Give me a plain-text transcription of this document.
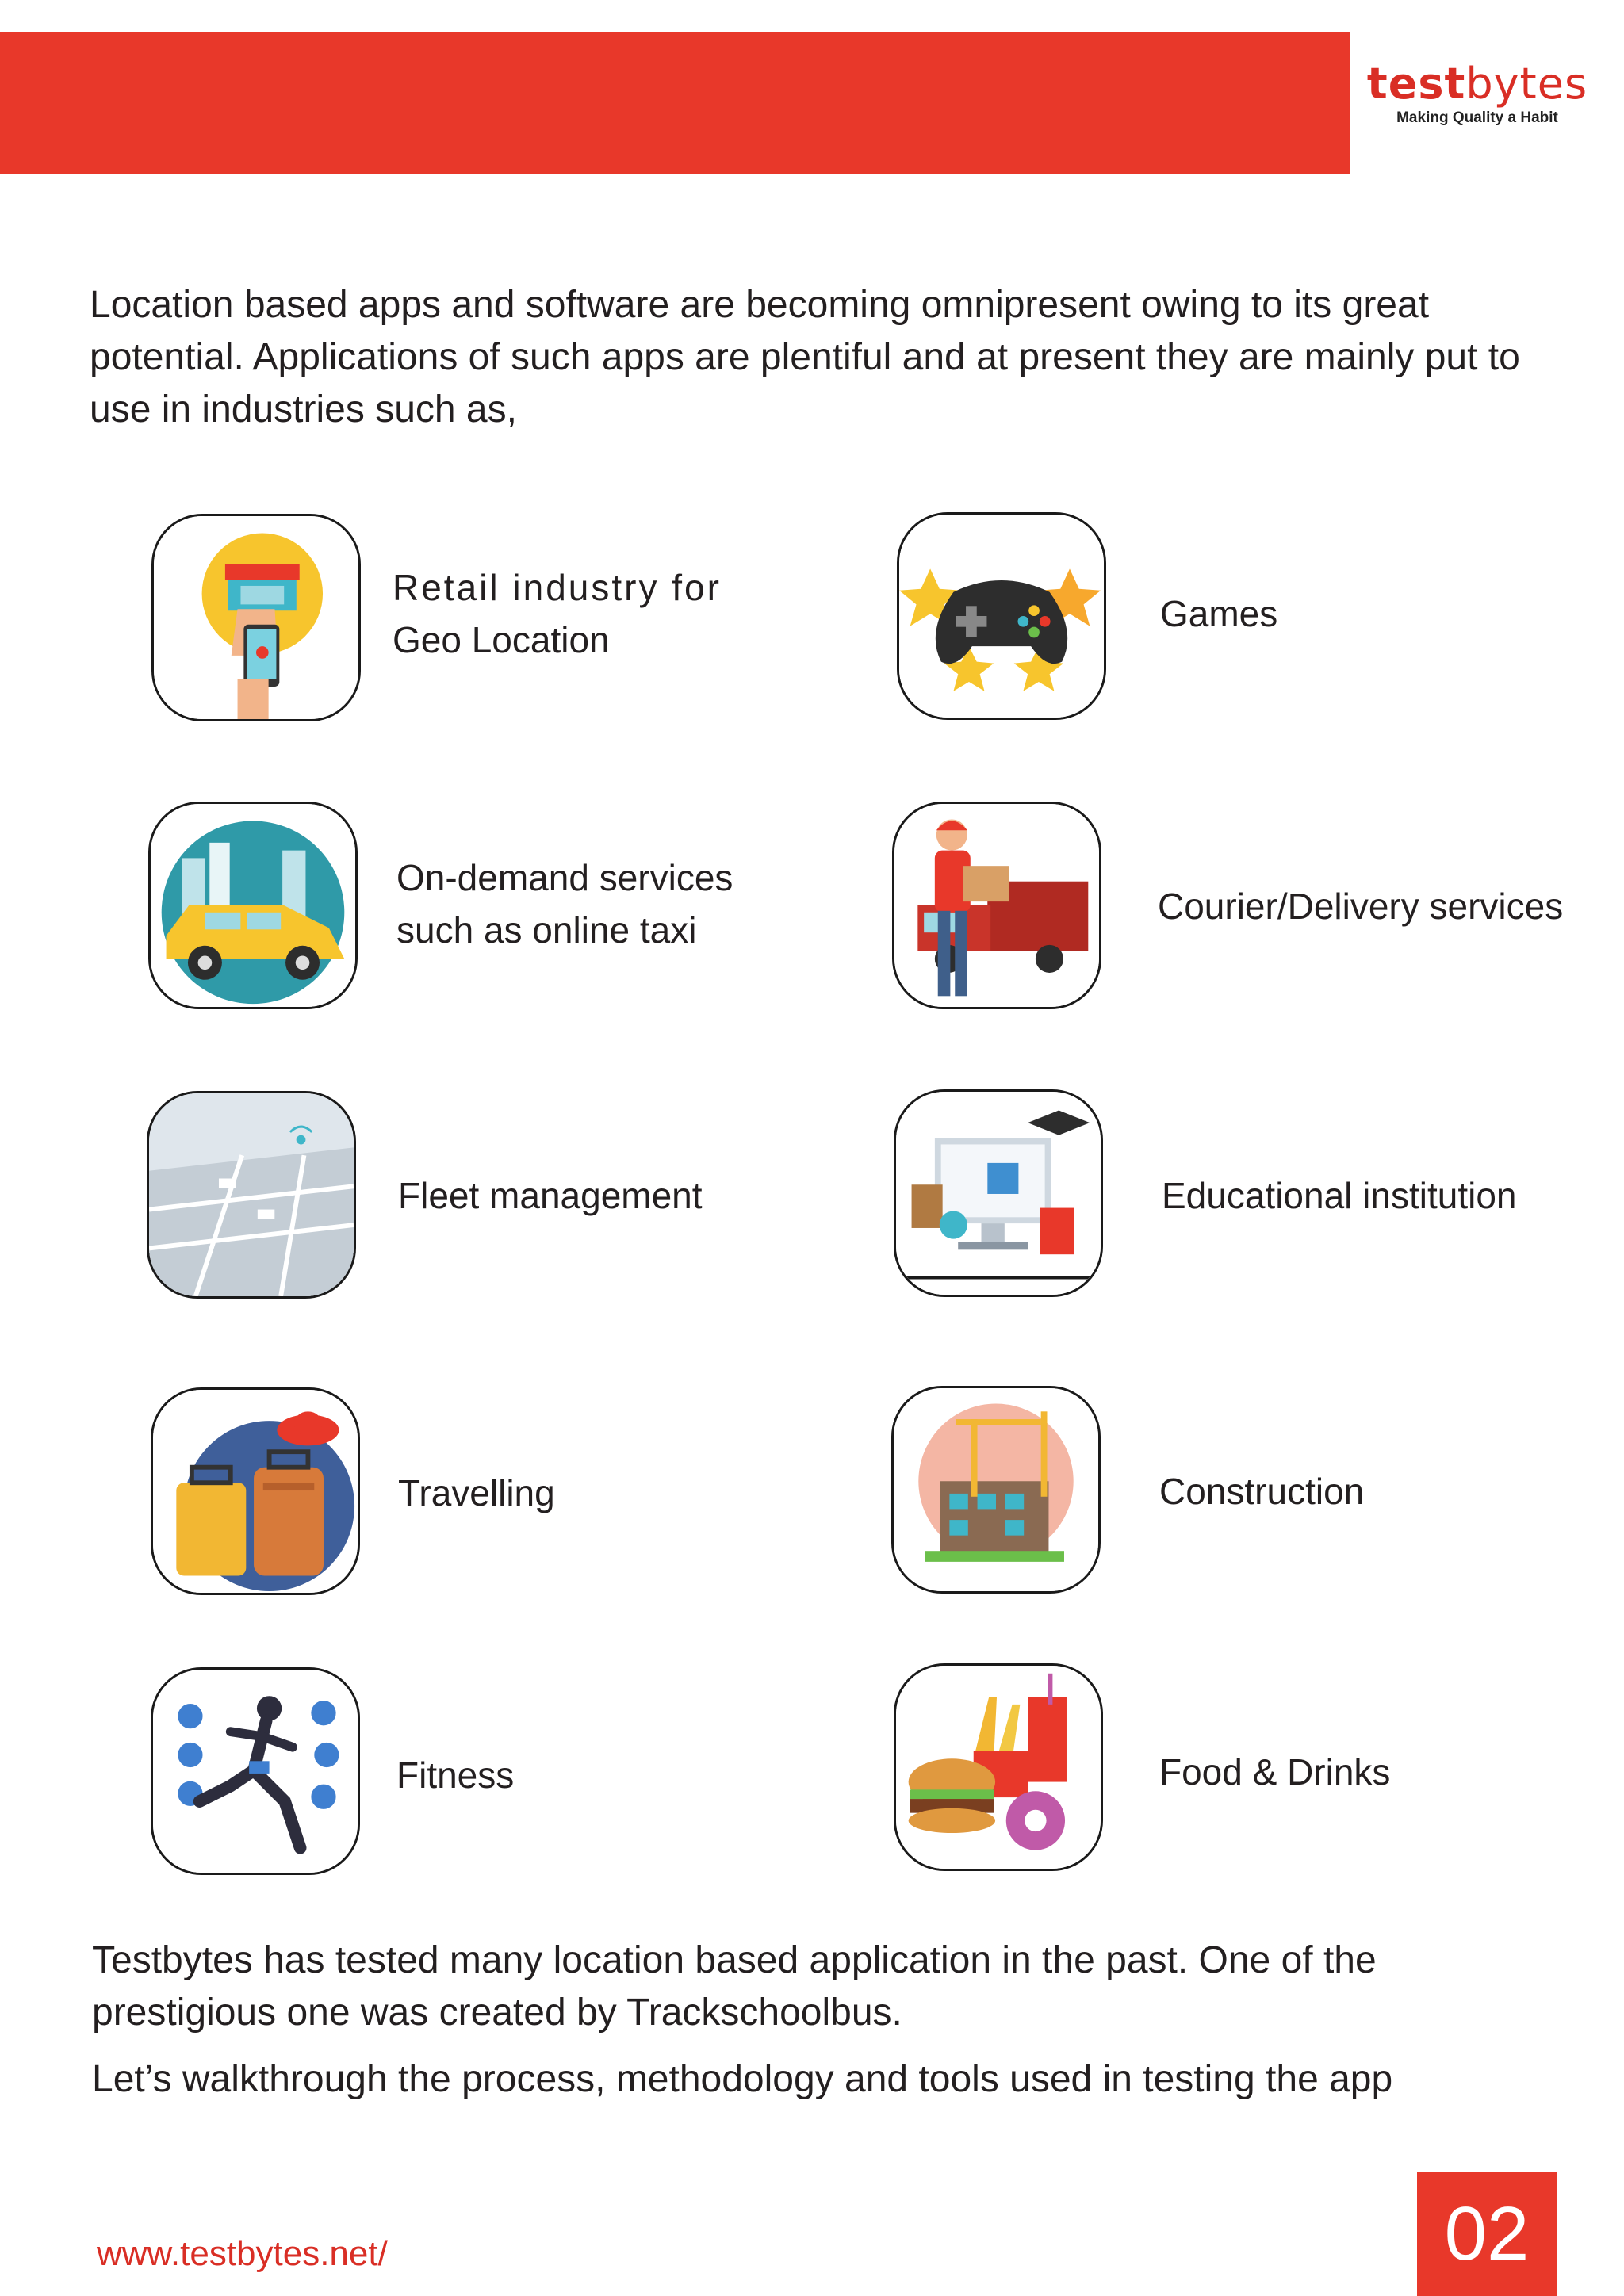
testbytes
Making Quality a Habit

Location based apps and software are becoming omnipresent owing to its great potential. Applications of such apps are plentiful and at present they are mainly put to use in industries such as,

Retail industry for
Geo Location
Games
On-demand services
such as online taxi
Courier/Delivery services
Fleet management	Educational institution
Travelling	Construction
Fitness	Food & Drinks

Testbytes has tested many location based application in the past. One of the prestigious one was created by Trackschoolbus.

Let’s walkthrough the process, methodology and tools used in testing the app

www.testbytes.net/	02
